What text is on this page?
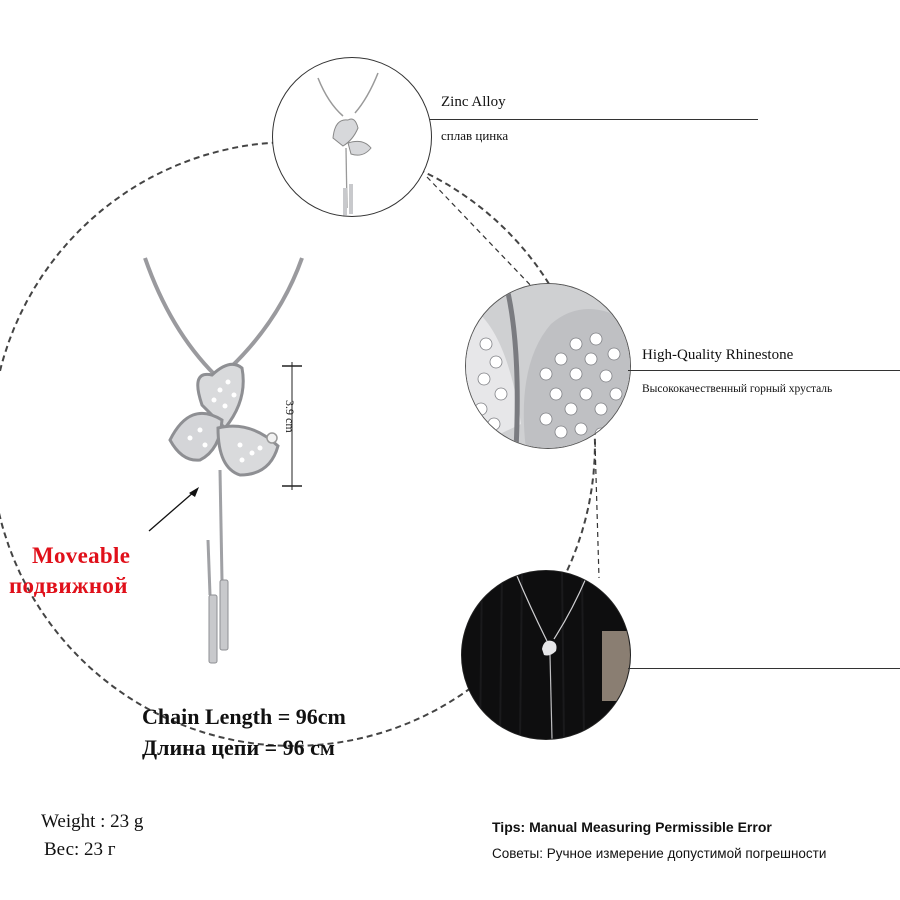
3.9 cm
Moveable
подвижной
Chain Length = 96cm
Длина цепи = 96 см
Zinc Alloy
сплав цинка
High-Quality Rhinestone
Высококачественный горный хрусталь
Weight : 23 g
Вес: 23 г
Tips: Manual Measuring Permissible Error
Советы: Ручное измерение допустимой погрешности
